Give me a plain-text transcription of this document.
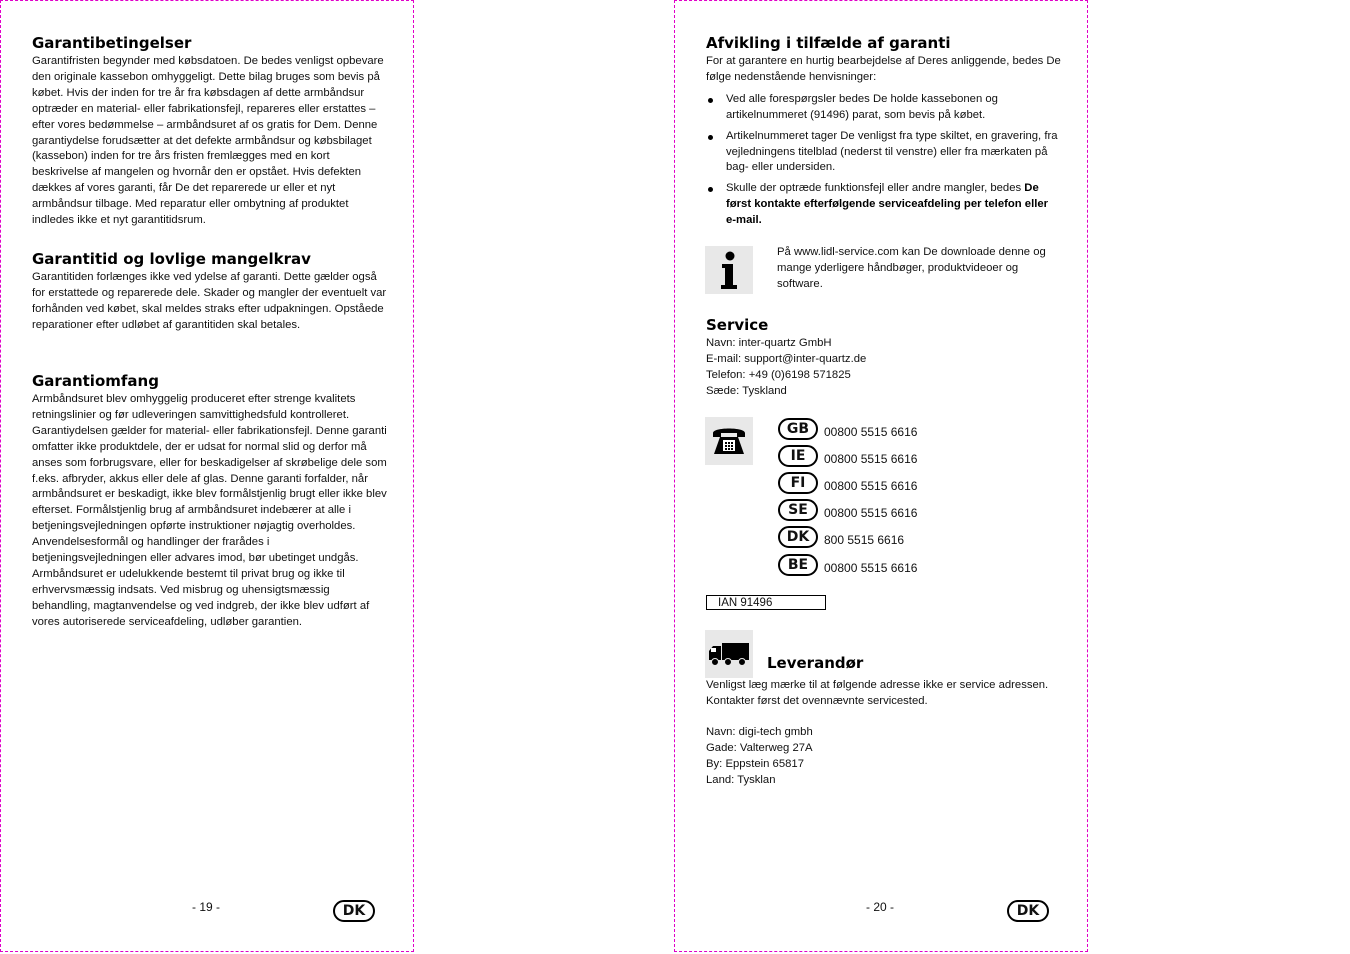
Garantibetingelser

Garantifristen begynder med købsdatoen. De bedes venligst opbevare den originale kassebon omhyggeligt. Dette bilag bruges som bevis på købet. Hvis der inden for tre år fra købsdagen af dette armbåndsur optræder en material- eller fabrikationsfejl, repareres eller erstattes – efter vores bedømmelse – armbåndsuret af os gratis for Dem. Denne garantiydelse forudsætter at det defekte armbåndsur og købsbilaget (kassebon) inden for tre års fristen fremlægges med en kort beskrivelse af mangelen og hvornår den er opstået. Hvis defekten dækkes af vores garanti, får De det reparerede ur eller et nyt armbåndsur tilbage. Med reparatur eller ombytning af produktet indledes ikke et nyt garantitidsrum.

Garantitid og lovlige mangelkrav

Garantitiden forlænges ikke ved ydelse af garanti. Dette gælder også for erstattede og reparerede dele. Skader og mangler der eventuelt var forhånden ved købet, skal meldes straks efter udpakningen. Opståede reparationer efter udløbet af garantitiden skal betales.

Garantiomfang

Armbåndsuret blev omhyggelig produceret efter strenge kvalitets retningslinier og før udleveringen samvittighedsfuld kontrolleret. Garantiydelsen gælder for material- eller fabrikationsfejl. Denne garanti omfatter ikke produktdele, der er udsat for normal slid og derfor må anses som forbrugsvare, eller for beskadigelser af skrøbelige dele som f.eks. afbryder, akkus eller dele af glas. Denne garanti forfalder, når armbåndsuret er beskadigt, ikke blev formålstjenlig brugt eller ikke blev efterset. Formålstjenlig brug af armbåndsuret indebærer at alle i betjeningsvejledningen opførte instruktioner nøjagtig overholdes. Anvendelsesformål og handlinger der frarådes i betjeningsvejledningen eller advares imod, bør ubetinget undgås.
Armbåndsuret er udelukkende bestemt til privat brug og ikke til erhvervsmæssig indsats. Ved misbrug og uhensigtsmæssig behandling, magtanvendelse og ved indgreb, der ikke blev udført af vores autoriserede serviceafdeling, udløber garantien.

- 19 -	DK
Afvikling i tilfælde af garanti

For at garantere en hurtig bearbejdelse af Deres anliggende, bedes De følge nedenstående henvisninger:

Ved alle forespørgsler bedes De holde kassebonen og artikelnummeret (91496) parat, som bevis på købet.
Artikelnummeret tager De venligst fra type skiltet, en gravering, fra vejledningens titelblad (nederst til venstre) eller fra mærkaten på bag- eller undersiden.
Skulle der optræde funktionsfejl eller andre mangler, bedes De først kontakte efterfølgende serviceafdeling per telefon eller e-mail.

På www.lidl-service.com kan De downloade denne og mange yderligere håndbøger, produktvideoer og software.

Service

Navn: inter-quartz GmbH

E-mail: support@inter-quartz.de

Telefon: +49 (0)6198 571825

Sæde: Tyskland

GB	00800 5515 6616
IE	00800 5515 6616
FI	00800 5515 6616
SE	00800 5515 6616
DK	800 5515 6616
BE	00800 5515 6616
IAN 91496
Leverandør

Venligst læg mærke til at følgende adresse ikke er service adressen. Kontakter først det ovennævnte servicested.

Navn: digi-tech gmbh

Gade: Valterweg 27A

By: Eppstein 65817

Land: Tysklan

- 20 -	DK
